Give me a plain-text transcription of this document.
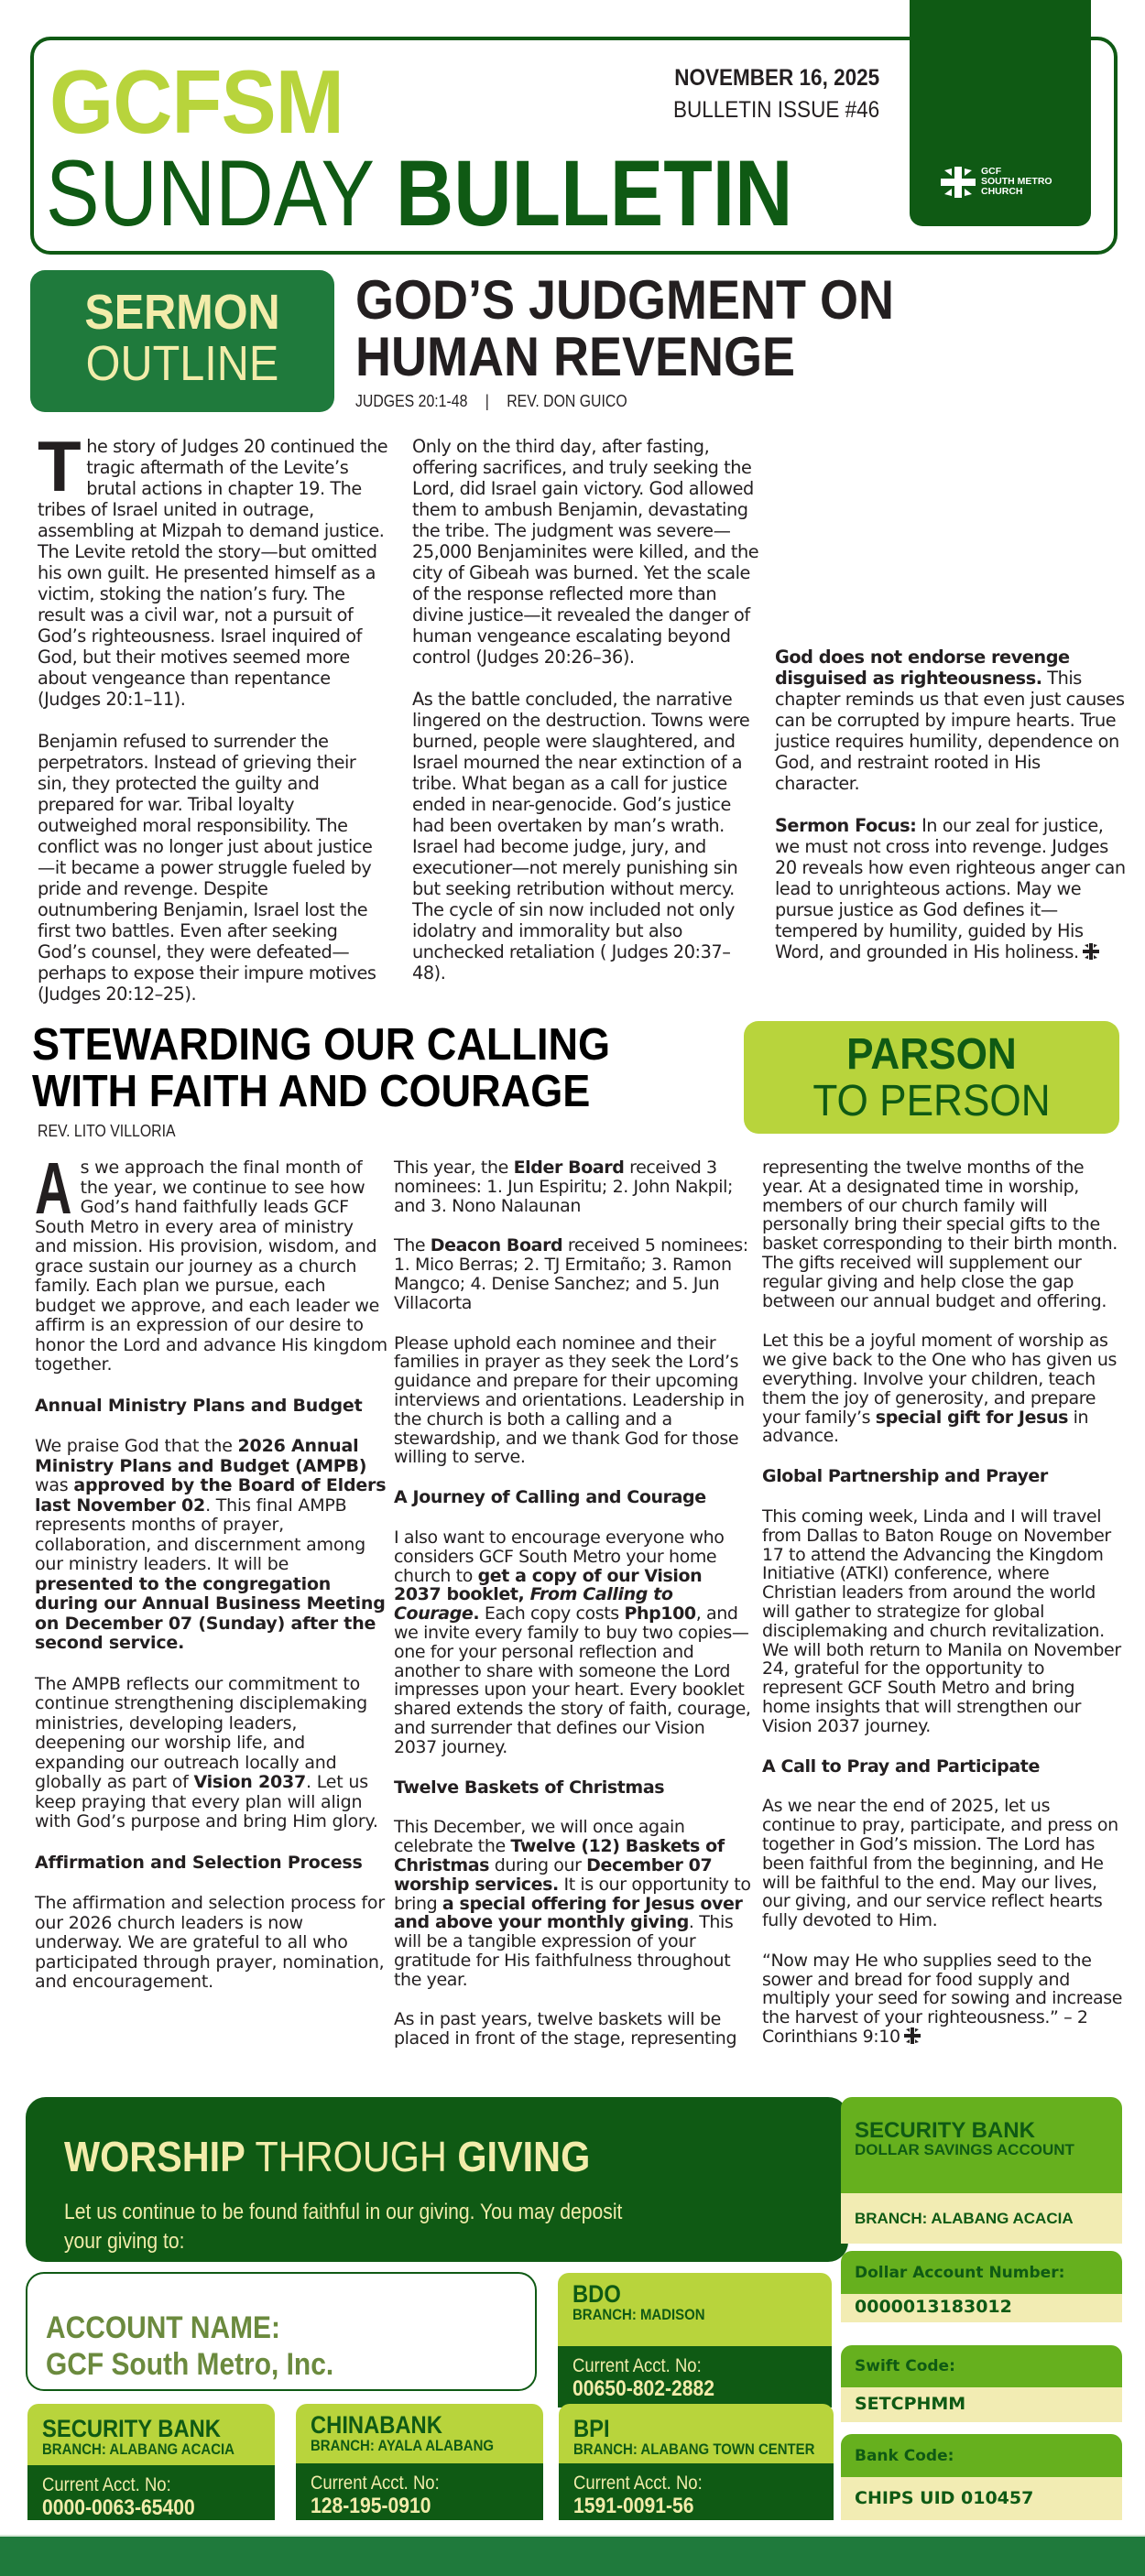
GCFSM
SUNDAY BULLETIN
NOVEMBER 16, 2025
BULLETIN ISSUE #46
GCF
SOUTH METRO
CHURCH
SERMON
OUTLINE
GOD’S JUDGMENT ON HUMAN REVENGE
JUDGES 20:1-48 | REV. DON GUICO

The story of Judges 20 continued the tragic aftermath of the Levite’s brutal actions in chapter 19. The tribes of Israel united in outrage, assembling at Mizpah to demand justice. The Levite retold the story—but omitted his own guilt. He presented himself as a victim, stoking the nation’s fury. The result was a civil war, not a pursuit of God’s righteousness. Israel inquired of God, but their motives seemed more about vengeance than repentance (Judges 20:1–11).

Benjamin refused to surrender the perpetrators. Instead of grieving their sin, they protected the guilty and prepared for war. Tribal loyalty outweighed moral responsibility. The conflict was no longer just about justice—it became a power struggle fueled by pride and revenge. Despite outnumbering Benjamin, Israel lost the first two battles. Even after seeking God’s counsel, they were defeated—perhaps to expose their impure motives (Judges 20:12–25).

Only on the third day, after fasting, offering sacrifices, and truly seeking the Lord, did Israel gain victory. God allowed them to ambush Benjamin, devastating the tribe. The judgment was severe—25,000 Benjaminites were killed, and the city of Gibeah was burned. Yet the scale of the response reflected more than divine justice—it revealed the danger of human vengeance escalating beyond control (Judges 20:26–36).

As the battle concluded, the narrative lingered on the destruction. Towns were burned, people were slaughtered, and Israel mourned the near extinction of a tribe. What began as a call for justice ended in near-genocide. God’s justice had been overtaken by man’s wrath. Israel had become judge, jury, and executioner—not merely punishing sin but seeking retribution without mercy. The cycle of sin now included not only idolatry and immorality but also unchecked retaliation ( Judges 20:37–48).

God does not endorse revenge disguised as righteousness. This chapter reminds us that even just causes can be corrupted by impure hearts. True justice requires humility, dependence on God, and restraint rooted in His character.

Sermon Focus: In our zeal for justice, we must not cross into revenge. Judges 20 reveals how even righteous anger can lead to unrighteous actions. May we pursue justice as God defines it—tempered by humility, guided by His Word, and grounded in His holiness.

STEWARDING OUR CALLING WITH FAITH AND COURAGE
REV. LITO VILLORIA
PARSON
TO PERSON

As we approach the final month of the year, we continue to see how God’s hand faithfully leads GCF South Metro in every area of ministry and mission. His provision, wisdom, and grace sustain our journey as a church family. Each plan we pursue, each budget we approve, and each leader we affirm is an expression of our desire to honor the Lord and advance His kingdom together.

Annual Ministry Plans and Budget

We praise God that the 2026 Annual Ministry Plans and Budget (AMPB) was approved by the Board of Elders last November 02. This final AMPB represents months of prayer, collaboration, and discernment among our ministry leaders. It will be presented to the congregation during our Annual Business Meeting on December 07 (Sunday) after the second service.

The AMPB reflects our commitment to continue strengthening disciplemaking ministries, developing leaders, deepening our worship life, and expanding our outreach locally and globally as part of Vision 2037. Let us keep praying that every plan will align with God’s purpose and bring Him glory.

Affirmation and Selection Process

The affirmation and selection process for our 2026 church leaders is now underway. We are grateful to all who participated through prayer, nomination, and encouragement.

This year, the Elder Board received 3 nominees: 1. Jun Espiritu; 2. John Nakpil; and 3. Nono Nalaunan

The Deacon Board received 5 nominees: 1. Mico Berras; 2. TJ Ermitaño; 3. Ramon Mangco; 4. Denise Sanchez; and 5. Jun Villacorta

Please uphold each nominee and their families in prayer as they seek the Lord’s guidance and prepare for their upcoming interviews and orientations. Leadership in the church is both a calling and a stewardship, and we thank God for those willing to serve.

A Journey of Calling and Courage

I also want to encourage everyone who considers GCF South Metro your home church to get a copy of our Vision 2037 booklet, From Calling to Courage. Each copy costs Php100, and we invite every family to buy two copies—one for your personal reflection and another to share with someone the Lord impresses upon your heart. Every booklet shared extends the story of faith, courage, and surrender that defines our Vision 2037 journey.

Twelve Baskets of Christmas

This December, we will once again celebrate the Twelve (12) Baskets of Christmas during our December 07 worship services. It is our opportunity to bring a special offering for Jesus over and above your monthly giving. This will be a tangible expression of your gratitude for His faithfulness throughout the year.

As in past years, twelve baskets will be placed in front of the stage, representing

representing the twelve months of the year. At a designated time in worship, members of our church family will personally bring their special gifts to the basket corresponding to their birth month. The gifts received will supplement our regular giving and help close the gap between our annual budget and offering.

Let this be a joyful moment of worship as we give back to the One who has given us everything. Involve your children, teach them the joy of generosity, and prepare your family’s special gift for Jesus in advance.

Global Partnership and Prayer

This coming week, Linda and I will travel from Dallas to Baton Rouge on November 17 to attend the Advancing the Kingdom Initiative (ATKI) conference, where Christian leaders from around the world will gather to strategize for global disciplemaking and church revitalization. We will both return to Manila on November 24, grateful for the opportunity to represent GCF South Metro and bring home insights that will strengthen our Vision 2037 journey.

A Call to Pray and Participate

As we near the end of 2025, let us continue to pray, participate, and press on together in God’s mission. The Lord has been faithful from the beginning, and He will be faithful to the end. May our lives, our giving, and our service reflect hearts fully devoted to Him.

“Now may He who supplies seed to the sower and bread for food supply and multiply your seed for sowing and increase the harvest of your righteousness.” – 2 Corinthians 9:10

WORSHIP THROUGH GIVING
Let us continue to be found faithful in our giving. You may deposit your giving to:
ACCOUNT NAME:
GCF South Metro, Inc.
BDO
BRANCH: MADISON
Current Acct. No:
00650-802-2882
SECURITY BANK
BRANCH: ALABANG ACACIA
Current Acct. No:
0000-0063-65400
CHINABANK
BRANCH: AYALA ALABANG
Current Acct. No:
128-195-0910
BPI
BRANCH: ALABANG TOWN CENTER
Current Acct. No:
1591-0091-56
SECURITY BANK
DOLLAR SAVINGS ACCOUNT
BRANCH: ALABANG ACACIA
Dollar Account Number:
0000013183012
Swift Code:
SETCPHMM
Bank Code:
CHIPS UID 010457
